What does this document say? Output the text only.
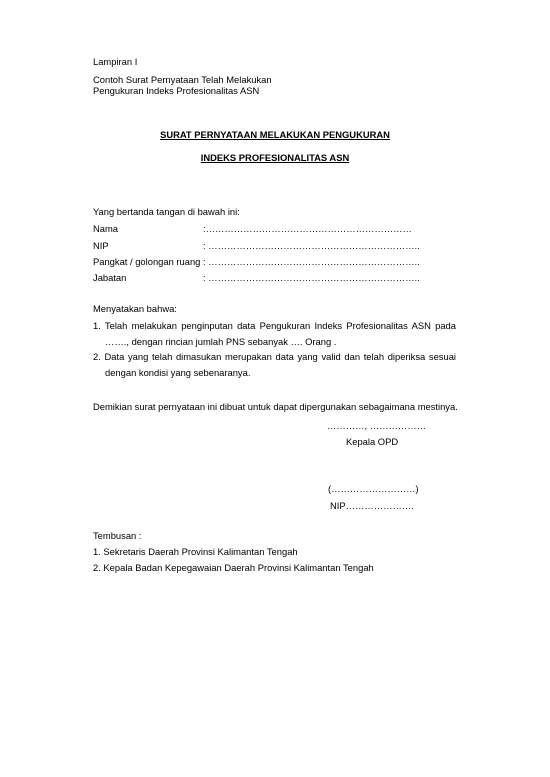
Lampiran I
Contoh Surat Pernyataan Telah Melakukan
Pengukuran Indeks Profesionalitas ASN
SURAT PERNYATAAN MELAKUKAN PENGUKURAN
INDEKS PROFESIONALITAS ASN
Yang bertanda tangan di bawah ini:
Nama	:…………………………………………………………
NIP	: …………………………………………………………..
Pangkat / golongan ruang : …………………………………………………………..
Jabatan	: …………………………………………………………..
Menyatakan bahwa:
1. Telah melakukan penginputan data Pengukuran Indeks Profesionalitas ASN pada
……., dengan rincian jumlah PNS sebanyak …. Orang .
2. Data yang telah dimasukan merupakan data yang valid dan telah diperiksa sesuai
dengan kondisi yang sebenaranya.
Demikian surat pernyataan ini dibuat untuk dapat dipergunakan sebagaimana mestinya.
…………, ………………
Kepala OPD
(………………………)
NIP………………….
Tembusan :
1. Sekretaris Daerah Provinsi Kalimantan Tengah
2. Kepala Badan Kepegawaian Daerah Provinsi Kalimantan Tengah
